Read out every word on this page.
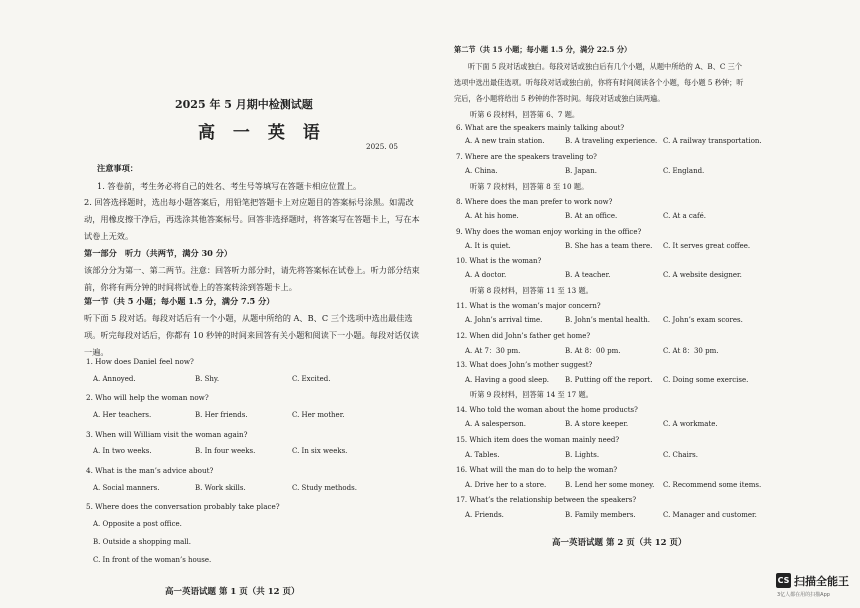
2025 年 5 月期中检测试题
高 一 英 语
2025. 05
注意事项：
1. 答卷前，考生务必将自己的姓名、考生号等填写在答题卡相应位置上。
2. 回答选择题时，选出每小题答案后，用铅笔把答题卡上对应题目的答案标号涂黑。如需改动，用橡皮擦干净后，再选涂其他答案标号。回答非选择题时，将答案写在答题卡上，写在本试卷上无效。
第一部分　听力（共两节，满分 30 分）
该部分分为第一、第二两节。注意：回答听力部分时，请先将答案标在试卷上。听力部分结束前，你将有两分钟的时间将试卷上的答案转涂到答题卡上。
第一节（共 5 小题；每小题 1.5 分，满分 7.5 分）
听下面 5 段对话。每段对话后有一个小题，从题中所给的 A、B、C 三个选项中选出最佳选项。听完每段对话后，你都有 10 秒钟的时间来回答有关小题和阅读下一小题。每段对话仅读一遍。
1. How does Daniel feel now?
A. Annoyed.	B. Shy.	C. Excited.
2. Who will help the woman now?
A. Her teachers.	B. Her friends.	C. Her mother.
3. When will William visit the woman again?
A. In two weeks.	B. In four weeks.	C. In six weeks.
4. What is the man’s advice about?
A. Social manners.	B. Work skills.	C. Study methods.
5. Where does the conversation probably take place?
A. Opposite a post office.
B. Outside a shopping mall.
C. In front of the woman’s house.
高一英语试题 第 1 页（共 12 页）
第二节（共 15 小题；每小题 1.5 分，满分 22.5 分）
听下面 5 段对话或独白。每段对话或独白后有几个小题，从题中所给的 A、B、C 三个
选项中选出最佳选项。听每段对话或独白前，你将有时间阅读各个小题，每小题 5 秒钟；听
完后，各小题将给出 5 秒钟的作答时间。每段对话或独白读两遍。
听第 6 段材料，回答第 6、7 题。
6. What are the speakers mainly talking about?
A. A new train station.	B. A traveling experience. C. A railway transportation.
7. Where are the speakers traveling to?
A. China.	B. Japan.	C. England.
听第 7 段材料，回答第 8 至 10 题。
8. Where does the man prefer to work now?
A. At his home.	B. At an office.	C. At a café.
9. Why does the woman enjoy working in the office?
A. It is quiet.	B. She has a team there. C. It serves great coffee.
10. What is the woman?
A. A doctor.	B. A teacher.	C. A website designer.
听第 8 段材料，回答第 11 至 13 题。
11. What is the woman’s major concern?
A. John’s arrival time.	B. John’s mental health. C. John’s exam scores.
12. When did John’s father get home?
A. At 7：30 pm.	B. At 8：00 pm.	C. At 8：30 pm.
13. What does John’s mother suggest?
A. Having a good sleep. B. Putting off the report. C. Doing some exercise.
听第 9 段材料，回答第 14 至 17 题。
14. Who told the woman about the home products?
A. A salesperson.	B. A store keeper.	C. A workmate.
15. Which item does the woman mainly need?
A. Tables.	B. Lights.	C. Chairs.
16. What will the man do to help the woman?
A. Drive her to a store.	B. Lend her some money. C. Recommend some items.
17. What’s the relationship between the speakers?
A. Friends.	B. Family members.	C. Manager and customer.
高一英语试题 第 2 页（共 12 页）
CS 扫描全能王
3亿人都在用的扫描App
